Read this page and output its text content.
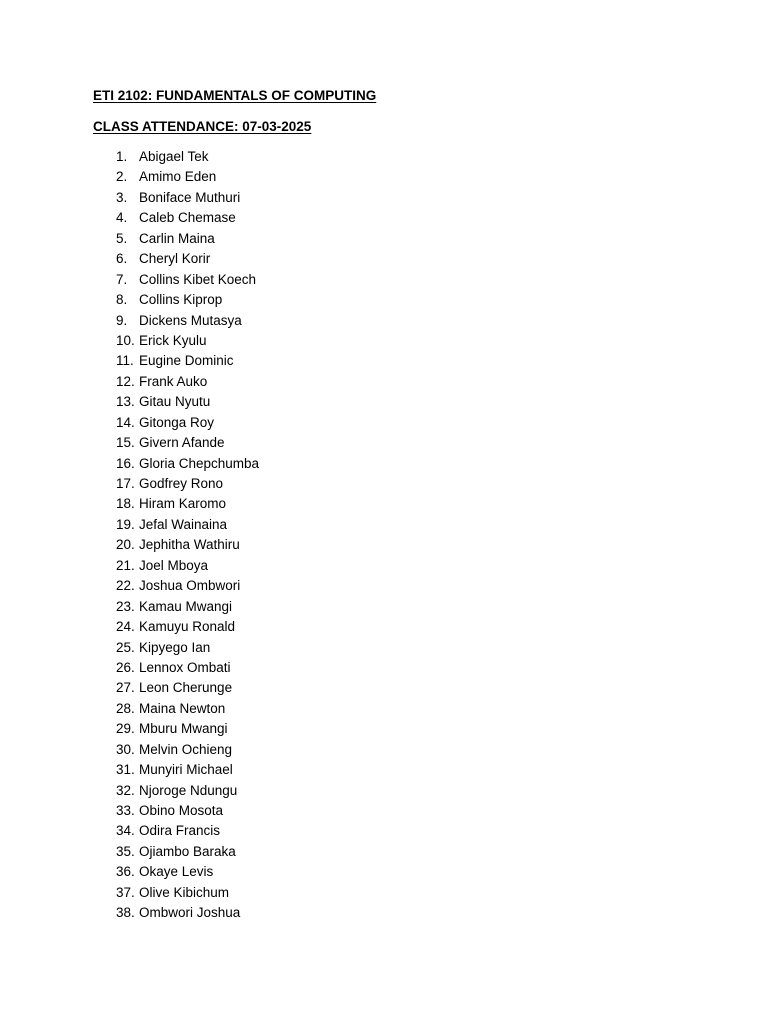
ETI 2102: FUNDAMENTALS OF COMPUTING

CLASS ATTENDANCE: 07-03-2025

1. Abigael Tek
2. Amimo Eden
3. Boniface Muthuri
4. Caleb Chemase
5. Carlin Maina
6. Cheryl Korir
7. Collins Kibet Koech
8. Collins Kiprop
9. Dickens Mutasya
10. Erick Kyulu
11. Eugine Dominic
12. Frank Auko
13. Gitau Nyutu
14. Gitonga Roy
15. Givern Afande
16. Gloria Chepchumba
17. Godfrey Rono
18. Hiram Karomo
19. Jefal Wainaina
20. Jephitha Wathiru
21. Joel Mboya
22. Joshua Ombwori
23. Kamau Mwangi
24. Kamuyu Ronald
25. Kipyego Ian
26. Lennox Ombati
27. Leon Cherunge
28. Maina Newton
29. Mburu Mwangi
30. Melvin Ochieng
31. Munyiri Michael
32. Njoroge Ndungu
33. Obino Mosota
34. Odira Francis
35. Ojiambo Baraka
36. Okaye Levis
37. Olive Kibichum
38. Ombwori Joshua
